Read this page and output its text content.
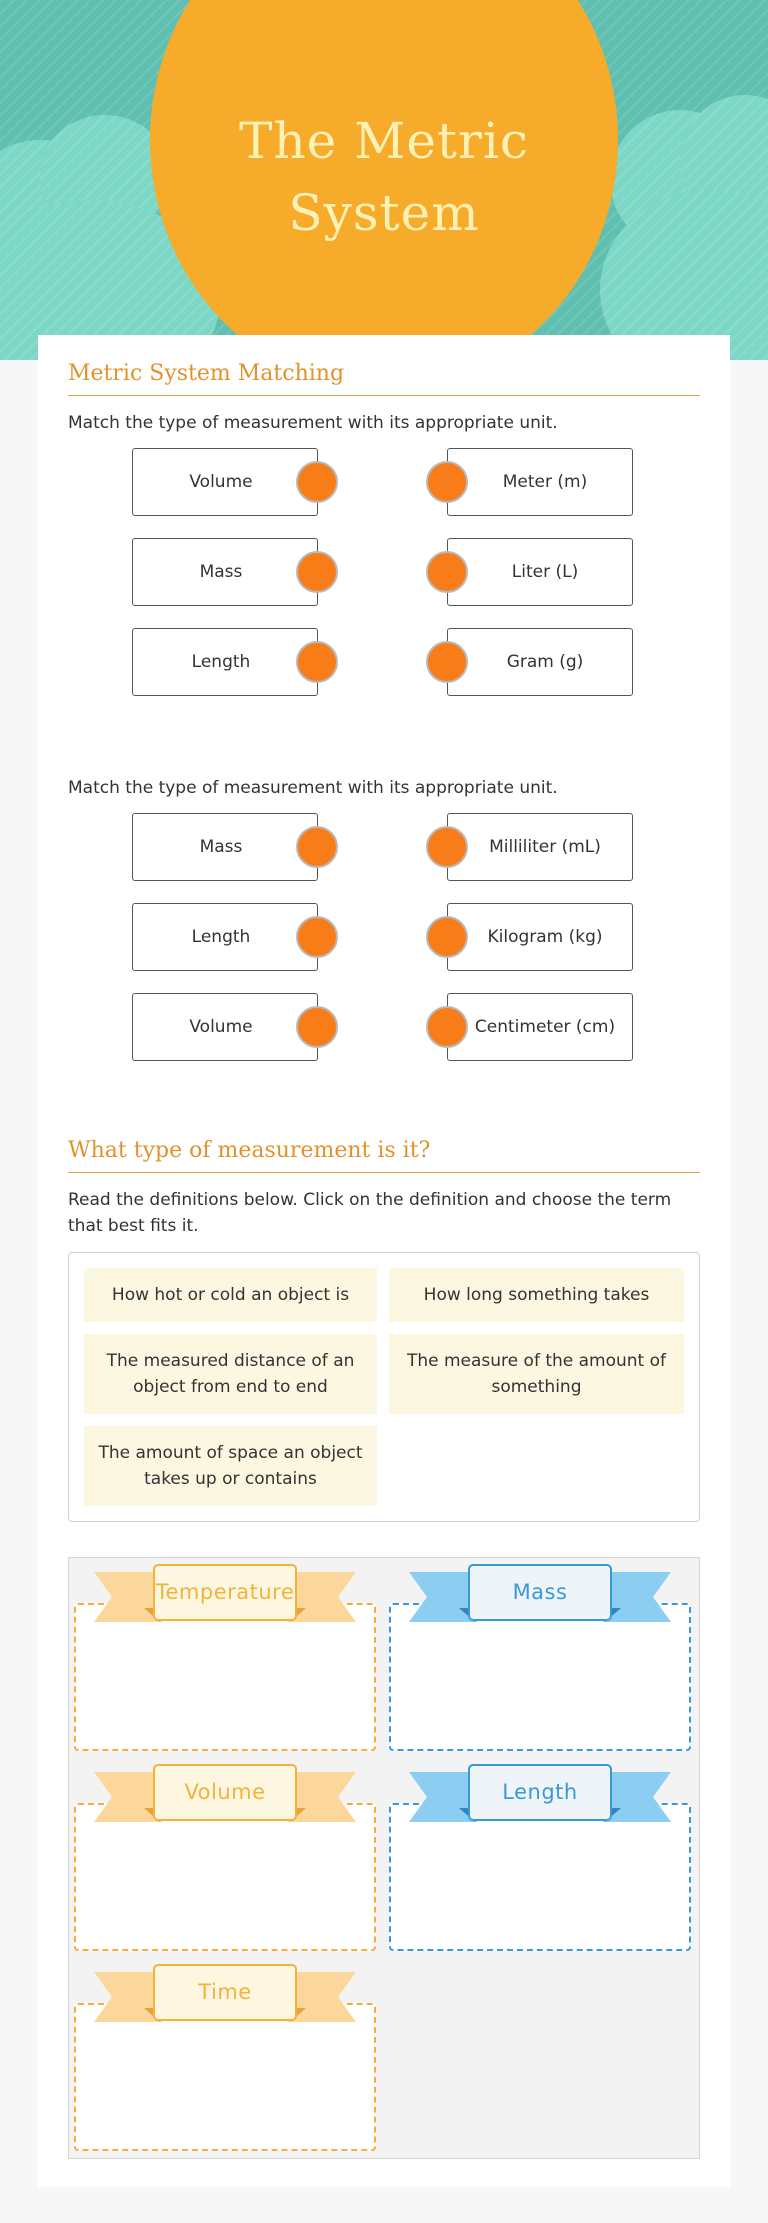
The Metric
System
Metric System Matching

Match the type of measurement with its appropriate unit.

Volume	Meter (m)
Mass	Liter (L)
Length	Gram (g)

Match the type of measurement with its appropriate unit.

Mass	Milliliter (mL)
Length	Kilogram (kg)
Volume	Centimeter (cm)
What type of measurement is it?

Read the definitions below. Click on the definition and choose the term that best fits it.

How hot or cold an object is	How long something takes
The measured distance of an object from end to end
The measure of the amount of something
The amount of space an object takes up or contains
Temperature	Mass
Volume	Length
Time
